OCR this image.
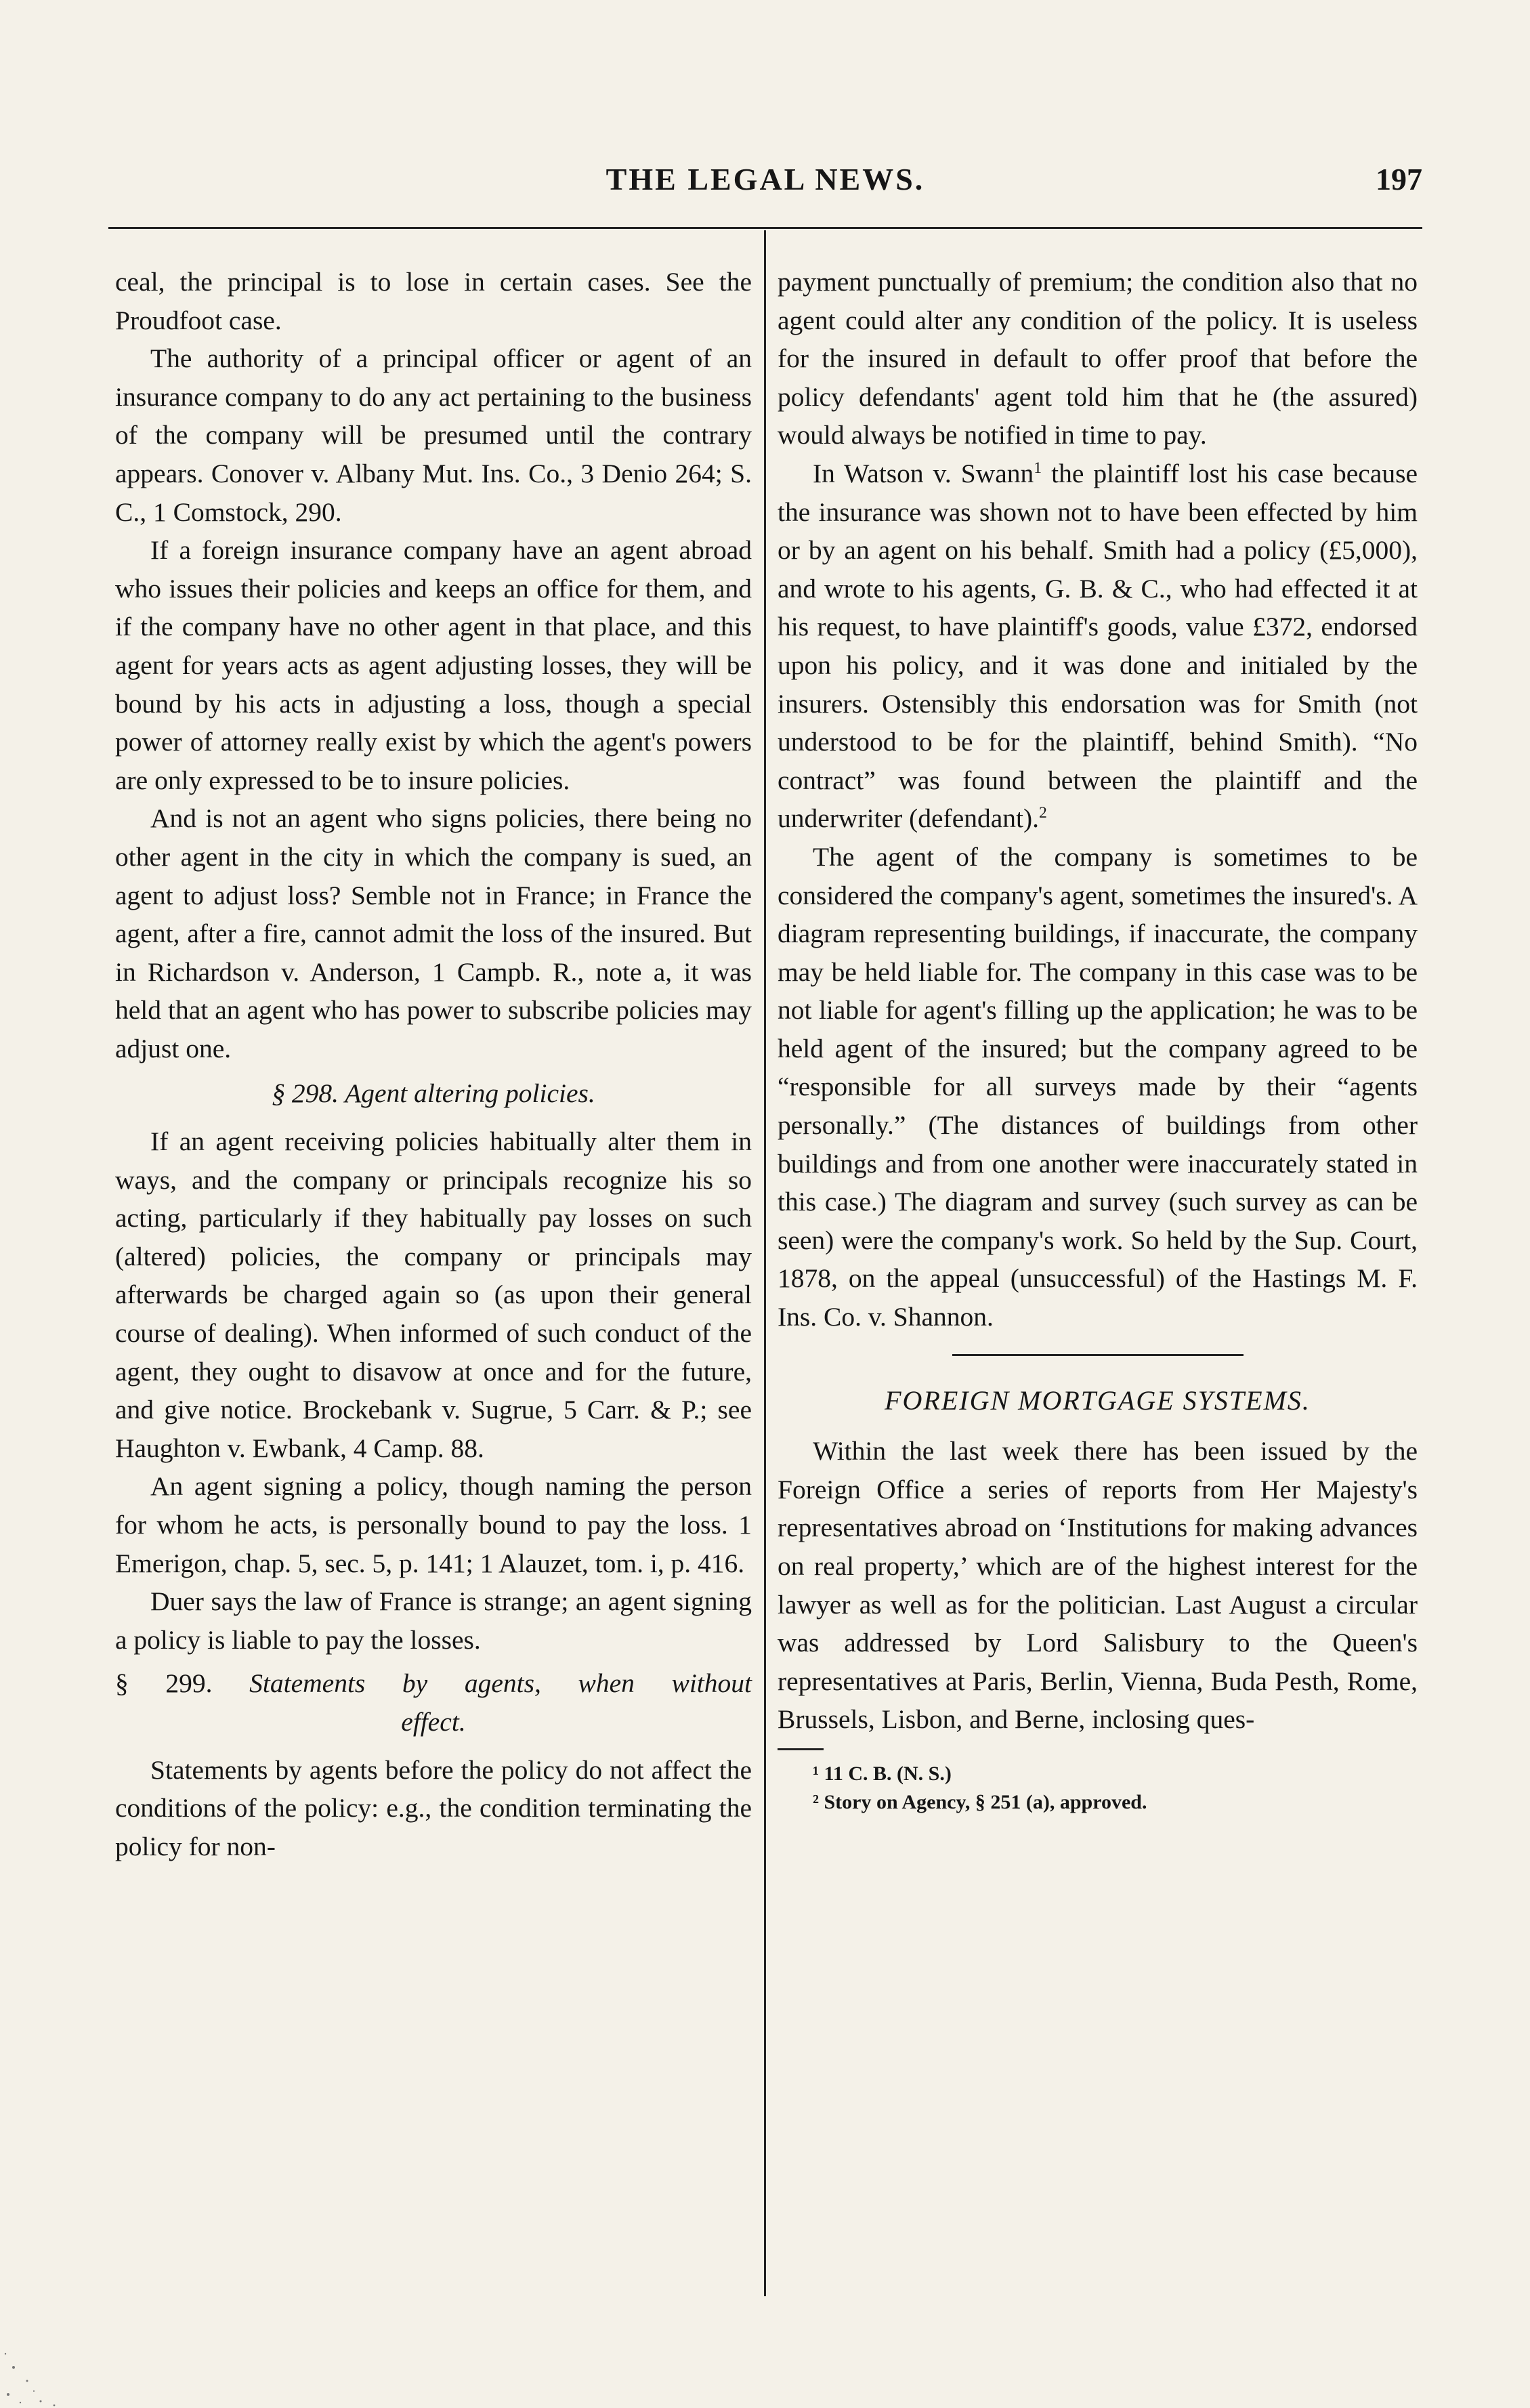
THE LEGAL NEWS.	197

ceal, the principal is to lose in certain cases. See the Proudfoot case.

The authority of a principal officer or agent of an insurance company to do any act pertaining to the business of the company will be presumed until the contrary appears. Conover v. Albany Mut. Ins. Co., 3 Denio 264; S. C., 1 Comstock, 290.

If a foreign insurance company have an agent abroad who issues their policies and keeps an office for them, and if the company have no other agent in that place, and this agent for years acts as agent adjusting losses, they will be bound by his acts in adjusting a loss, though a special power of attorney really exist by which the agent's powers are only expressed to be to insure policies.

And is not an agent who signs policies, there being no other agent in the city in which the company is sued, an agent to adjust loss? Semble not in France; in France the agent, after a fire, cannot admit the loss of the insured. But in Richardson v. Anderson, 1 Campb. R., note a, it was held that an agent who has power to subscribe policies may adjust one.

§ 298. Agent altering policies.

If an agent receiving policies habitually alter them in ways, and the company or principals recognize his so acting, particularly if they habitually pay losses on such (altered) policies, the company or principals may afterwards be charged again so (as upon their general course of dealing). When informed of such conduct of the agent, they ought to disavow at once and for the future, and give notice. Brockebank v. Sugrue, 5 Carr. & P.; see Haughton v. Ewbank, 4 Camp. 88.

An agent signing a policy, though naming the person for whom he acts, is personally bound to pay the loss. 1 Emerigon, chap. 5, sec. 5, p. 141; 1 Alauzet, tom. i, p. 416.

Duer says the law of France is strange; an agent signing a policy is liable to pay the losses.

§ 299. Statements by agents, when without

effect.

Statements by agents before the policy do not affect the conditions of the policy: e.g., the condition terminating the policy for non-

payment punctually of premium; the condition also that no agent could alter any condition of the policy. It is useless for the insured in default to offer proof that before the policy defendants' agent told him that he (the assured) would always be notified in time to pay.

In Watson v. Swann$^1$ the plaintiff lost his case because the insurance was shown not to have been effected by him or by an agent on his behalf. Smith had a policy (£5,000), and wrote to his agents, G. B. & C., who had effected it at his request, to have plaintiff's goods, value £372, endorsed upon his policy, and it was done and initialed by the insurers. Ostensibly this endorsation was for Smith (not understood to be for the plaintiff, behind Smith). “No contract” was found between the plaintiff and the underwriter (defendant).$^2$

The agent of the company is sometimes to be considered the company's agent, sometimes the insured's. A diagram representing buildings, if inaccurate, the company may be held liable for. The company in this case was to be not liable for agent's filling up the application; he was to be held agent of the insured; but the company agreed to be “responsible for all surveys made by their “agents personally.” (The distances of buildings from other buildings and from one another were inaccurately stated in this case.) The diagram and survey (such survey as can be seen) were the company's work. So held by the Sup. Court, 1878, on the appeal (unsuccessful) of the Hastings M. F. Ins. Co. v. Shannon.

FOREIGN MORTGAGE SYSTEMS.

Within the last week there has been issued by the Foreign Office a series of reports from Her Majesty's representatives abroad on ‘Institutions for making advances on real property,’ which are of the highest interest for the lawyer as well as for the politician. Last August a circular was addressed by Lord Salisbury to the Queen's representatives at Paris, Berlin, Vienna, Buda Pesth, Rome, Brussels, Lisbon, and Berne, inclosing ques-

¹ 11 C. B. (N. S.)

² Story on Agency, § 251 (a), approved.
